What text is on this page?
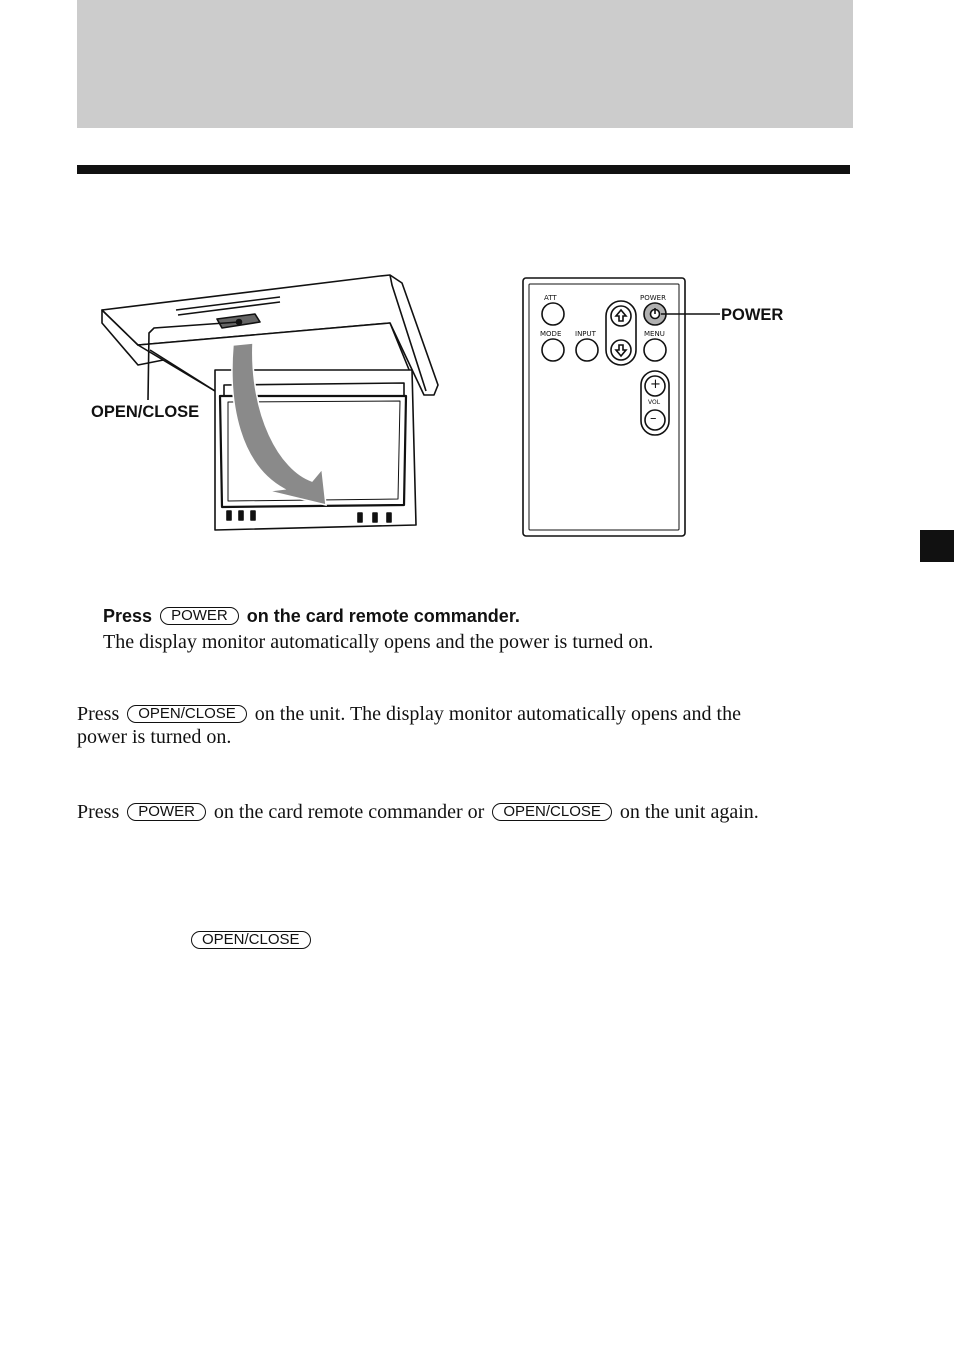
OPEN/CLOSE
ATT	POWER
MODE INPUT	MENU
VOL
+
–
POWER
Press POWER on the card remote commander.
The display monitor automatically opens and the power is turned on.
Press OPEN/CLOSE on the unit. The display monitor automatically opens and the
power is turned on.
Press POWER on the card remote commander or OPEN/CLOSE on the unit again.
OPEN/CLOSE
